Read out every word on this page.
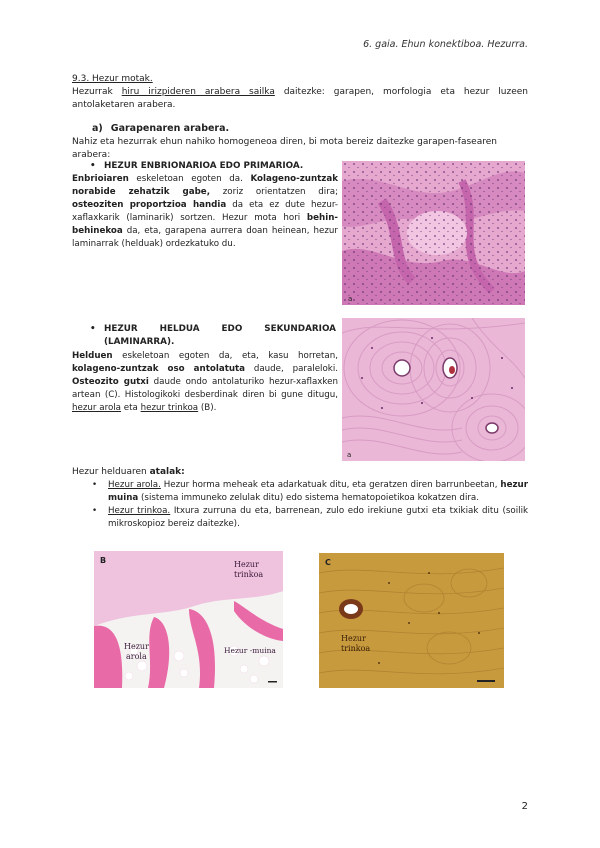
6. gaia. Ehun konektiboa. Hezurra.
9.3. Hezur motak.
Hezurrak hiru irizpideren arabera sailka daitezke: garapen, morfologia eta hezur luzeen antolaketaren arabera.
a) Garapenaren arabera.
Nahiz eta hezurrak ehun nahiko homogeneoa diren, bi mota bereiz daitezke garapen-fasearen arabera:
• HEZUR ENBRIONARIOA EDO PRIMARIOA.
Enbrioiaren eskeletoan egoten da. Kolageno-zuntzak norabide zehatzik gabe, zoriz orientatzen dira; osteoziten proportzioa handia da eta ez dute hezur-xaflaxkarik (laminarik) sortzen. Hezur mota hori behin-behinekoa da, eta, garapena aurrera doan heinean, hezur laminarrak (helduak) ordezkatuko du.
a
• HEZUR HELDUA EDO SEKUNDARIOA (LAMINARRA).
Helduen eskeletoan egoten da, eta, kasu horretan, kolageno-zuntzak oso antolatuta daude, paraleloki. Osteozito gutxi daude ondo antolaturiko hezur-xaflaxken artean (C). Histologikoki desberdinak diren bi gune ditugu, hezur arola eta hezur trinkoa (B).
a
Hezur helduaren atalak:
• Hezur arola. Hezur horma meheak eta adarkatuak ditu, eta geratzen diren barrunbeetan, hezur muina (sistema immuneko zelulak ditu) edo sistema hematopoietikoa kokatzen dira.
• Hezur trinkoa. Itxura zurruna du eta, barrenean, zulo edo irekiune gutxi eta txikiak ditu (soilik mikroskopioz bereiz daitezke).
B	Hezur
trinkoa
Hezur
arola
Hezur -muina
C
Hezur
trinkoa
2
